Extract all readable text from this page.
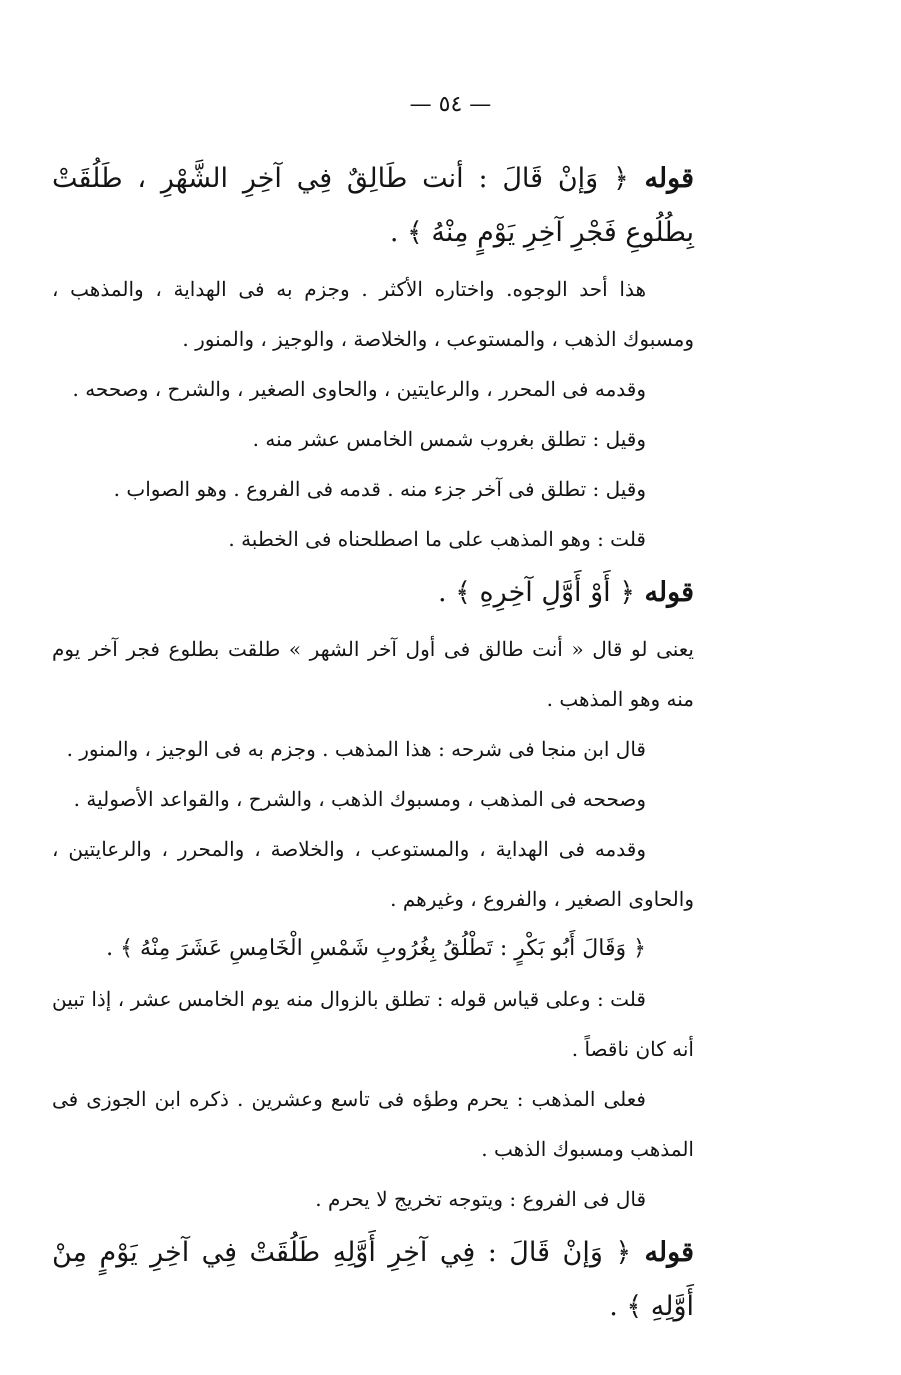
— ٥٤ —

قوله ﴿ وَإنْ قَالَ : أنت طَالِقٌ فِي آخِرِ الشَّهْرِ ، طَلُقَتْ بِطُلُوعِ فَجْرِ آخِرِ يَوْمٍ مِنْهُ ﴾ .

هذا أحد الوجوه. واختاره الأكثر . وجزم به فى الهداية ، والمذهب ، ومسبوك الذهب ، والمستوعب ، والخلاصة ، والوجيز ، والمنور .

وقدمه فى المحرر ، والرعايتين ، والحاوى الصغير ، والشرح ، وصححه .

وقيل : تطلق بغروب شمس الخامس عشر منه .

وقيل : تطلق فى آخر جزء منه . قدمه فى الفروع . وهو الصواب .

قلت : وهو المذهب على ما اصطلحناه فى الخطبة .

قوله ﴿ أَوْ أَوَّلِ آخِرِهِ ﴾ .

يعنى لو قال « أنت طالق فى أول آخر الشهر » طلقت بطلوع فجر آخر يوم منه وهو المذهب .

قال ابن منجا فى شرحه : هذا المذهب . وجزم به فى الوجيز ، والمنور .

وصححه فى المذهب ، ومسبوك الذهب ، والشرح ، والقواعد الأصولية .

وقدمه فى الهداية ، والمستوعب ، والخلاصة ، والمحرر ، والرعايتين ، والحاوى الصغير ، والفروع ، وغيرهم .

﴿ وَقَالَ أَبُو بَكْرٍ : تَطْلُقُ بِغُرُوبِ شَمْسِ الْخَامِسِ عَشَرَ مِنْهُ ﴾ .

قلت : وعلى قياس قوله : تطلق بالزوال منه يوم الخامس عشر ، إذا تبين أنه كان ناقصاً .

فعلى المذهب : يحرم وطؤه فى تاسع وعشرين . ذكره ابن الجوزى فى المذهب ومسبوك الذهب .

قال فى الفروع : ويتوجه تخريج لا يحرم .

قوله ﴿ وَإنْ قَالَ : فِي آخِرِ أَوَّلِهِ طَلُقَتْ فِي آخِرِ يَوْمٍ مِنْ أَوَّلِهِ ﴾ .
